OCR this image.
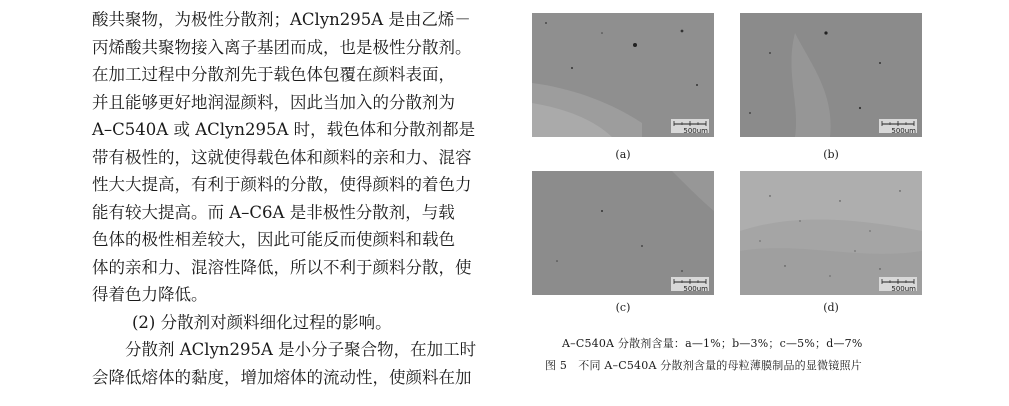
酸共聚物，为极性分散剂；AClyn295A 是由乙烯－
丙烯酸共聚物接入离子基团而成，也是极性分散剂。
在加工过程中分散剂先于载色体包覆在颜料表面，
并且能够更好地润湿颜料，因此当加入的分散剂为
A–C540A 或 AClyn295A 时，载色体和分散剂都是
带有极性的，这就使得载色体和颜料的亲和力、混容
性大大提高，有利于颜料的分散，使得颜料的着色力
能有较大提高。而 A–C6A 是非极性分散剂，与载
色体的极性相差较大，因此可能反而使颜料和载色
体的亲和力、混溶性降低，所以不利于颜料分散，使
得着色力降低。

(2) 分散剂对颜料细化过程的影响。

分散剂 AClyn295A 是小分子聚合物，在加工时
会降低熔体的黏度，增加熔体的流动性，使颜料在加

500um
(a)
500um
(b)
500um
(c)
500um
(d)
A–C540A 分散剂含量：a—1%；b—3%；c—5%；d—7%
图 5　不同 A–C540A 分散剂含量的母粒薄膜制品的显微镜照片
